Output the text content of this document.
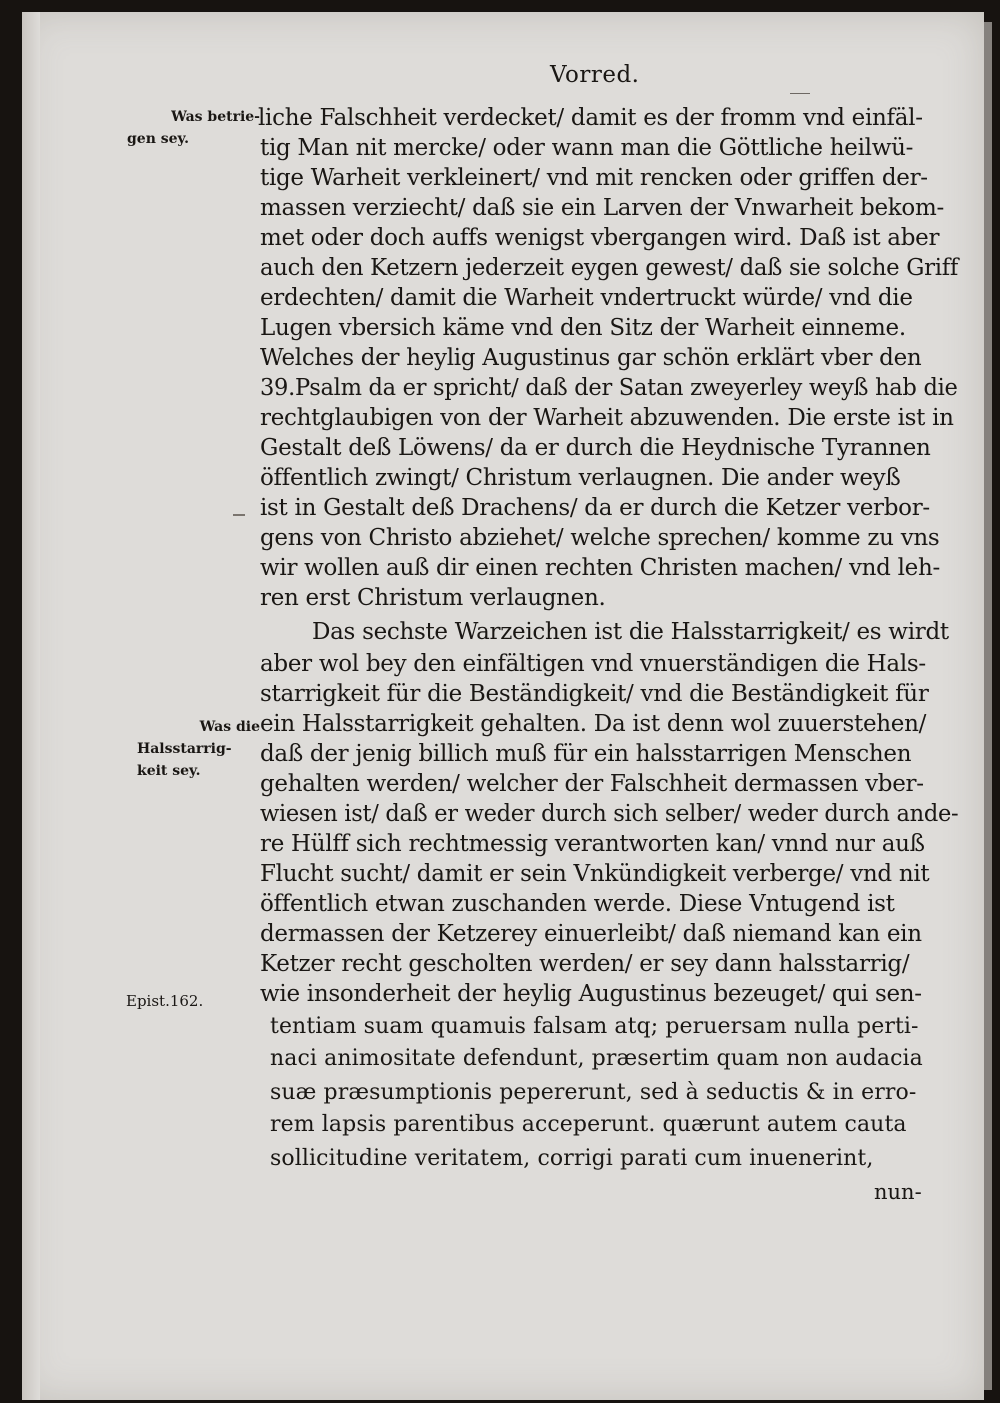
Vorred.
Was betrie-
gen sey.
Was die
Halsstarrig-
keit sey.
Epist.162.
liche Falschheit verdecket/ damit es der fromm vnd einfäl-
tig Man nit mercke/ oder wann man die Göttliche heilwü-
tige Warheit verkleinert/ vnd mit rencken oder griffen der-
massen verziecht/ daß sie ein Larven der Vnwarheit bekom-
met oder doch auffs wenigst vbergangen wird. Daß ist aber
auch den Ketzern jederzeit eygen gewest/ daß sie solche Griff
erdechten/ damit die Warheit vndertruckt würde/ vnd die
Lugen vbersich käme vnd den Sitz der Warheit einneme.
Welches der heylig Augustinus gar schön erklärt vber den
39.Psalm da er spricht/ daß der Satan zweyerley weyß hab die
rechtglaubigen von der Warheit abzuwenden. Die erste ist in
Gestalt deß Löwens/ da er durch die Heydnische Tyrannen
öffentlich zwingt/ Christum verlaugnen. Die ander weyß
ist in Gestalt deß Drachens/ da er durch die Ketzer verbor-
gens von Christo abziehet/ welche sprechen/ komme zu vns
wir wollen auß dir einen rechten Christen machen/ vnd leh-
ren erst Christum verlaugnen.
Das sechste Warzeichen ist die Halsstarrigkeit/ es wirdt
aber wol bey den einfältigen vnd vnuerständigen die Hals-
starrigkeit für die Beständigkeit/ vnd die Beständigkeit für
ein Halsstarrigkeit gehalten. Da ist denn wol zuuerstehen/
daß der jenig billich muß für ein halsstarrigen Menschen
gehalten werden/ welcher der Falschheit dermassen vber-
wiesen ist/ daß er weder durch sich selber/ weder durch ande-
re Hülff sich rechtmessig verantworten kan/ vnnd nur auß
Flucht sucht/ damit er sein Vnkündigkeit verberge/ vnd nit
öffentlich etwan zuschanden werde. Diese Vntugend ist
dermassen der Ketzerey einuerleibt/ daß niemand kan ein
Ketzer recht gescholten werden/ er sey dann halsstarrig/
wie insonderheit der heylig Augustinus bezeuget/ qui sen-
tentiam suam quamuis falsam atq; peruersam nulla perti-
naci animositate defendunt, præsertim quam non audacia
suæ præsumptionis pepererunt, sed à seductis & in erro-
rem lapsis parentibus acceperunt. quærunt autem cauta
sollicitudine veritatem, corrigi parati cum inuenerint,
nun-
